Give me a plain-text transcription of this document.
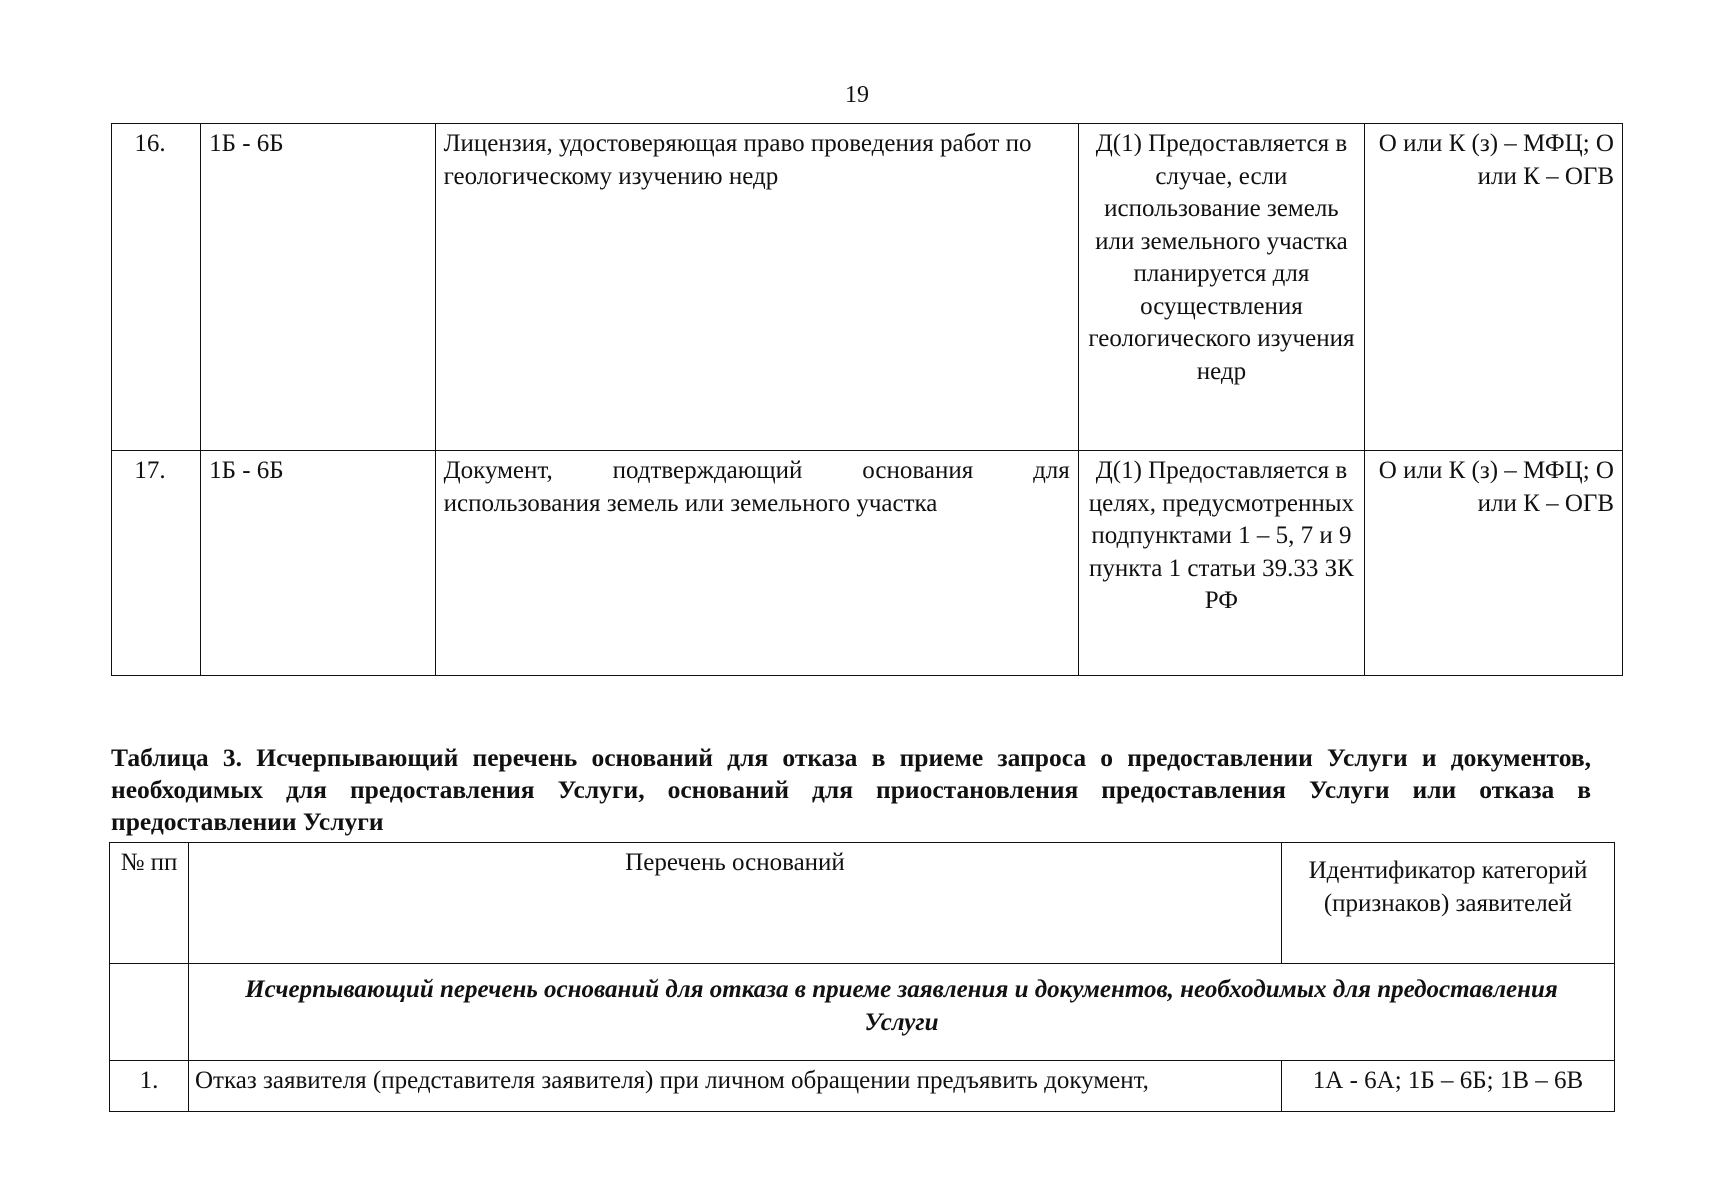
19
16.	1Б - 6Б	Лицензия, удостоверяющая право проведения работ по геологическому изучению недр	Д(1) Предоставляется в случае, если использование земель или земельного участка планируется для осуществления геологического изучения недр	О или К (з) – МФЦ; О или К – ОГВ
17.	1Б - 6Б	Документ, подтверждающий основания для использования земель или земельного участка	Д(1) Предоставляется в целях, предусмотренных подпунктами 1 – 5, 7 и 9 пункта 1 статьи 39.33 ЗК РФ	О или К (з) – МФЦ; О или К – ОГВ
Таблица 3. Исчерпывающий перечень оснований для отказа в приеме запроса о предоставлении Услуги и документов, необходимых для предоставления Услуги, оснований для приостановления предоставления Услуги или отказа в предоставлении Услуги
№ пп	Перечень оснований	Идентификатор категорий (признаков) заявителей
	Исчерпывающий перечень оснований для отказа в приеме заявления и документов, необходимых для предоставления Услуги	
1.	Отказ заявителя (представителя заявителя) при личном обращении предъявить документ,	1А - 6А; 1Б – 6Б; 1В – 6В
